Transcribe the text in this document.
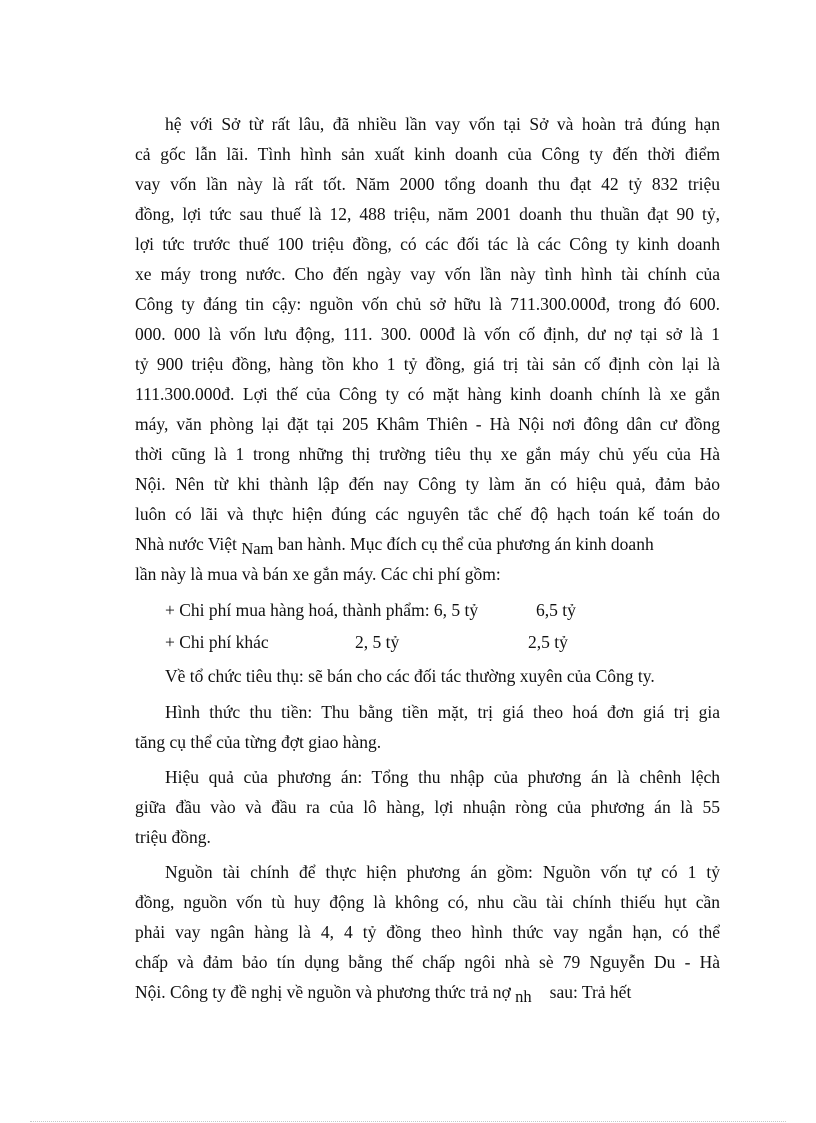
hệ với Sở từ rất lâu, đã nhiều lần vay vốn tại Sở và hoàn trả đúng hạn
cả gốc lẫn lãi. Tình hình sản xuất kinh doanh của Công ty đến thời điểm
vay vốn lần này là rất tốt. Năm 2000 tổng doanh thu đạt 42 tỷ 832 triệu
đồng, lợi tức sau thuế là 12, 488 triệu, năm 2001 doanh thu thuần đạt 90 tỷ,
lợi tức trước thuế 100 triệu đồng, có các đối tác là các Công ty kinh doanh
xe máy trong nước. Cho đến ngày vay vốn lần này tình hình tài chính của
Công ty đáng tin cậy: nguồn vốn chủ sở hữu là 711.300.000đ, trong đó 600.
000. 000 là vốn lưu động, 111. 300. 000đ là vốn cố định, dư nợ tại sở là 1
tỷ 900 triệu đồng, hàng tồn kho 1 tỷ đồng, giá trị tài sản cố định còn lại là
111.300.000đ. Lợi thế của Công ty có mặt hàng kinh doanh chính là xe gắn
máy, văn phòng lại đặt tại 205 Khâm Thiên - Hà Nội nơi đông dân cư đồng
thời cũng là 1 trong những thị trường tiêu thụ xe gắn máy chủ yếu của Hà
Nội. Nên từ khi thành lập đến nay Công ty làm ăn có hiệu quả, đảm bảo
luôn có lãi và thực hiện đúng các nguyên tắc chế độ hạch toán kế toán do
Nhà nước Việt Nam ban hành. Mục đích cụ thể của phương án kinh doanh
lần này là mua và bán xe gắn máy. Các chi phí gồm:
+ Chi phí mua hàng hoá, thành phẩm: 6, 5 tỷ	6,5 tỷ
+ Chi phí khác	2, 5 tỷ	2,5 tỷ
Về tổ chức tiêu thụ: sẽ bán cho các đối tác thường xuyên của Công ty.
Hình thức thu tiền: Thu bằng tiền mặt, trị giá theo hoá đơn giá trị gia
tăng cụ thể của từng đợt giao hàng.
Hiệu quả của phương án: Tổng thu nhập của phương án là chênh lệch
giữa đầu vào và đầu ra của lô hàng, lợi nhuận ròng của phương án là 55
triệu đồng.
Nguồn tài chính để thực hiện phương án gồm: Nguồn vốn tự có 1 tỷ
đồng, nguồn vốn tù huy động là không có, nhu cầu tài chính thiếu hụt cần
phải vay ngân hàng là 4, 4 tỷ đồng theo hình thức vay ngắn hạn, có thể
chấp và đảm bảo tín dụng bằng thế chấp ngôi nhà sè 79 Nguyễn Du - Hà
Nội. Công ty đề nghị về nguồn và phương thức trả nợ nh sau: Trả hết
